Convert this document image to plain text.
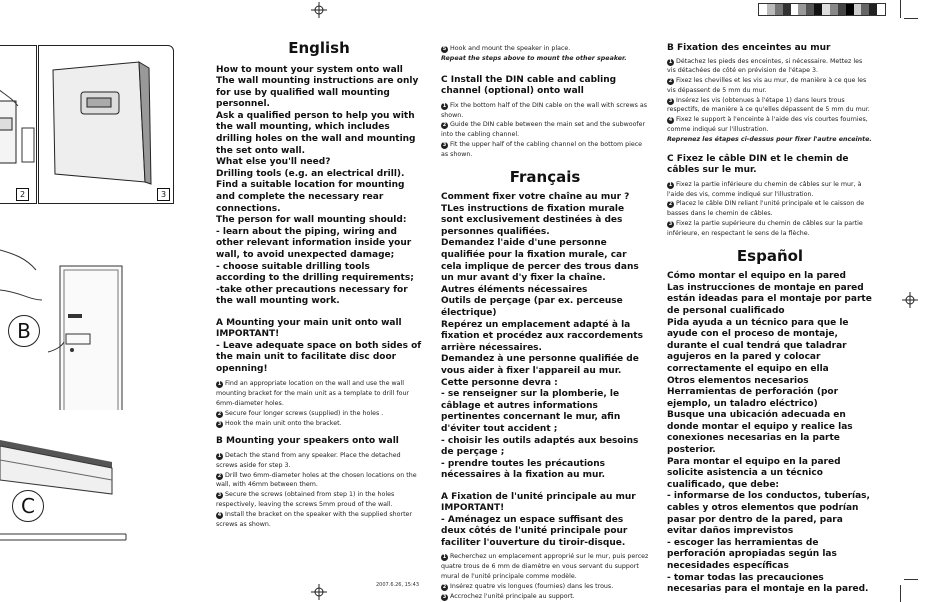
2	3
B
C
English

How to mount your system onto wall

The wall mounting instructions are only for use by qualified wall mounting personnel.

Ask a qualified person to help you with the wall mounting, which includes drilling holes on the wall and mounting the set onto wall.

What else you'll need?

Drilling tools (e.g. an electrical drill).

Find a suitable location for mounting and complete the necessary rear connections.

The person for wall mounting should:

- learn about the piping, wiring and other relevant information inside your wall, to avoid unexpected damage;

- choose suitable drilling tools according to the drilling requirements;

-take other precautions necessary for the wall mounting work.

A Mounting your main unit onto wall

IMPORTANT!

- Leave adequate space on both sides of the main unit to facilitate disc door openning!

1 Find an appropriate location on the wall and use the wall mounting bracket for the main unit as a template to drill four 6mm-diameter holes.

2 Secure four longer screws (supplied) in the holes .

3 Hook the main unit onto the bracket.

B Mounting your speakers onto wall

1 Detach the stand from any speaker. Place the detached screws aside for step 3.

2 Drill two 6mm-diameter holes at the chosen locations on the wall, with 46mm between them.

3 Secure the screws (obtained from step 1) in the holes respectively, leaving the screws 5mm proud of the wall.

4 Install the bracket on the speaker with the supplied shorter screws as shown.

5 Hook and mount the speaker in place.

Repeat the steps above to mount the other speaker.

C Install the DIN cable and cabling channel (optional) onto wall

1 Fix the bottom half of the DIN cable on the wall with screws as shown.

2 Guide the DIN cable between the main set and the subwoofer into the cabling channel.

3 Fit the upper half of the cabling channel on the bottom piece as shown.

Français

Comment fixer votre chaîne au mur ?

TLes instructions de fixation murale sont exclusivement destinées à des personnes qualifiées.

Demandez l'aide d'une personne qualifiée pour la fixation murale, car cela implique de percer des trous dans un mur avant d'y fixer la chaîne.

Autres éléments nécessaires

Outils de perçage (par ex. perceuse électrique)

Repérez un emplacement adapté à la fixation et procédez aux raccordements arrière nécessaires.

Demandez à une personne qualifiée de vous aider à fixer l'appareil au mur. Cette personne devra :

- se renseigner sur la plomberie, le câblage et autres informations pertinentes concernant le mur, afin d'éviter tout accident ;

- choisir les outils adaptés aux besoins de perçage ;

- prendre toutes les précautions nécessaires à la fixation au mur.

A Fixation de l'unité principale au mur

IMPORTANT!

- Aménagez un espace suffisant des deux côtés de l'unité principale pour faciliter l'ouverture du tiroir-disque.

1 Recherchez un emplacement approprié sur le mur, puis percez quatre trous de 6 mm de diamètre en vous servant du support mural de l'unité principale comme modèle.

2 Insérez quatre vis longues (fournies) dans les trous.

3 Accrochez l'unité principale au support.

B Fixation des enceintes au mur

1 Détachez les pieds des enceintes, si nécessaire. Mettez les vis détachées de côté en prévision de l'étape 3.

2 Fixez les chevilles et les vis au mur, de manière à ce que les vis dépassent de 5 mm du mur.

3 Insérez les vis (obtenues à l'étape 1) dans leurs trous respectifs, de manière à ce qu'elles dépassent de 5 mm du mur.

4 Fixez le support à l'enceinte à l'aide des vis courtes fournies, comme indiqué sur l'illustration.

Reprenez les étapes ci-dessus pour fixer l'autre enceinte.

C Fixez le câble DIN et le chemin de câbles sur le mur.

1 Fixez la partie inférieure du chemin de câbles sur le mur, à l'aide des vis, comme indiqué sur l'illustration.

2 Placez le câble DIN reliant l'unité principale et le caisson de basses dans le chemin de câbles.

3 Fixez la partie supérieure du chemin de câbles sur la partie inférieure, en respectant le sens de la flèche.

Español

Cómo montar el equipo en la pared

Las instrucciones de montaje en pared están ideadas para el montaje por parte de personal cualificado

Pida ayuda a un técnico para que le ayude con el proceso de montaje, durante el cual tendrá que taladrar agujeros en la pared y colocar correctamente el equipo en ella

Otros elementos necesarios

Herramientas de perforación (por ejemplo, un taladro eléctrico)

Busque una ubicación adecuada en donde montar el equipo y realice las conexiones necesarias en la parte posterior.

Para montar el equipo en la pared solicite asistencia a un técnico cualificado, que debe:

- informarse de los conductos, tuberías, cables y otros elementos que podrían pasar por dentro de la pared, para evitar daños imprevistos

- escoger las herramientas de perforación apropiadas según las necesidades específicas

- tomar todas las precauciones necesarias para el montaje en la pared.

2007.6.26, 15:43
